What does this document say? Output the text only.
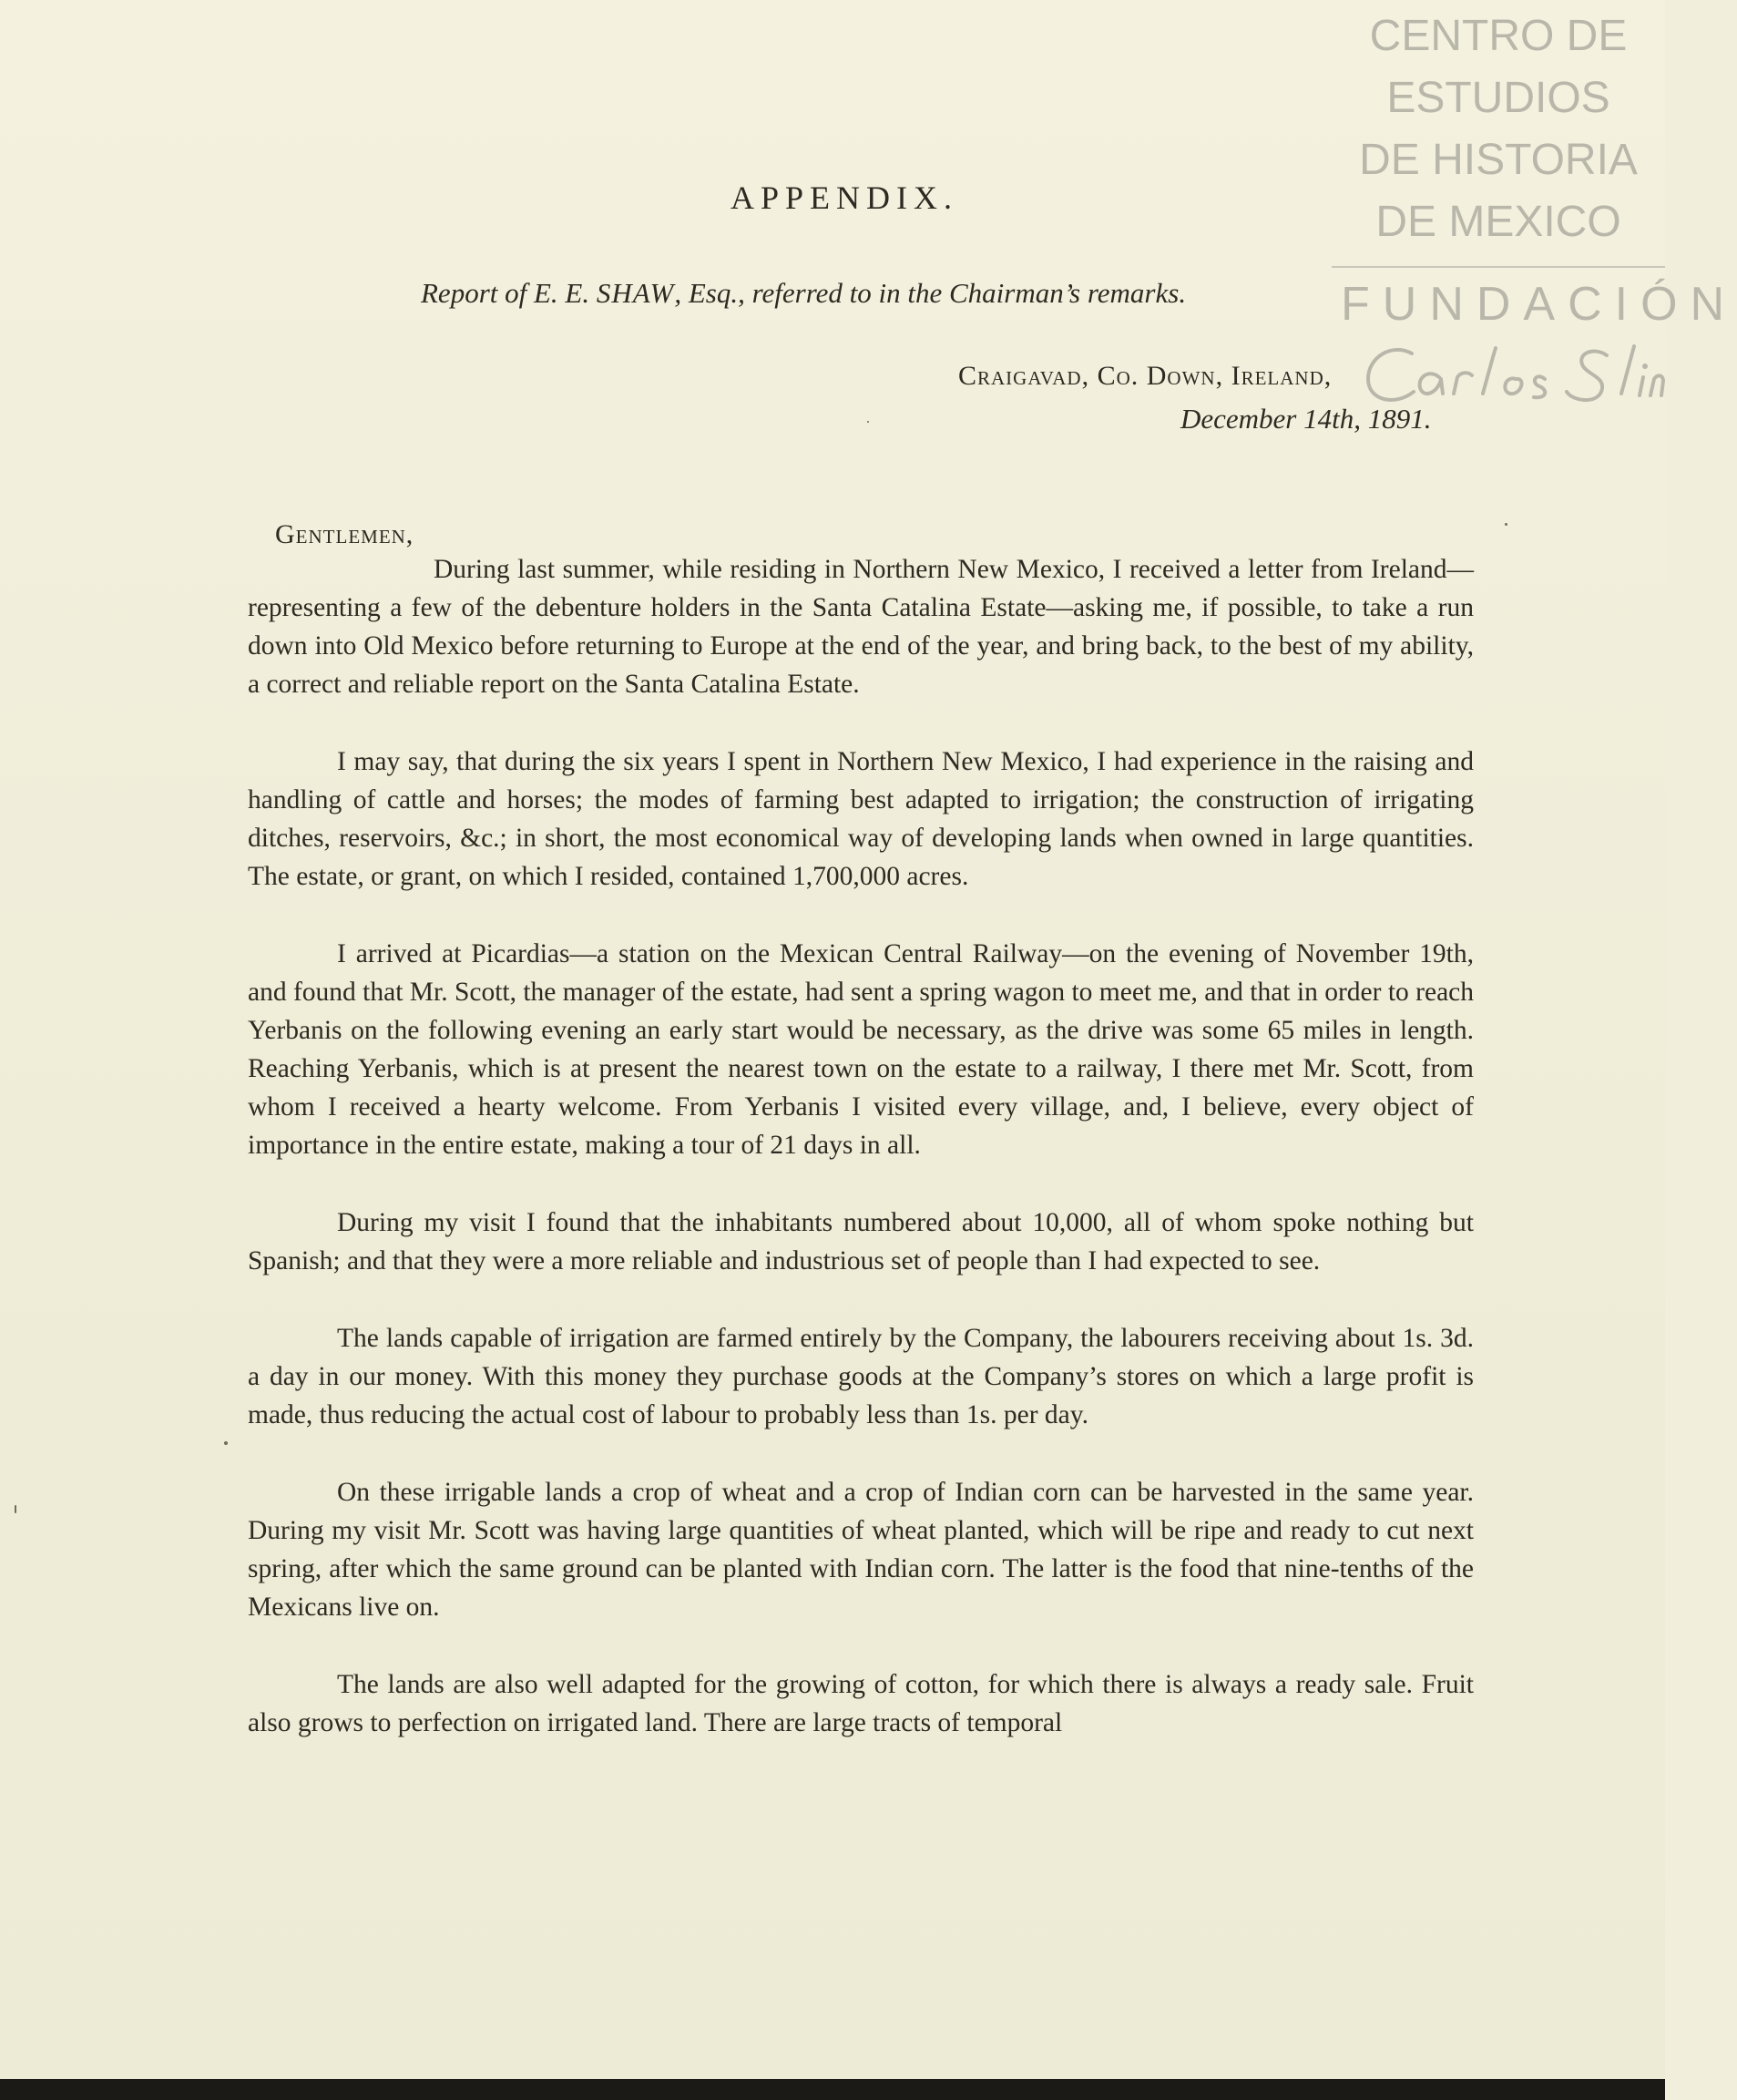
CENTRO DE
ESTUDIOS
DE HISTORIA
DE MEXICO
FUNDACIÓN
APPENDIX.
Report of E. E. SHAW, Esq., referred to in the Chairman’s remarks.
Craigavad, Co. Down, Ireland,
December 14th, 1891.
Gentlemen,

During last summer, while residing in Northern New Mexico, I received a letter from Ireland—representing a few of the debenture holders in the Santa Catalina Estate—asking me, if possible, to take a run down into Old Mexico before returning to Europe at the end of the year, and bring back, to the best of my ability, a correct and reliable report on the Santa Catalina Estate.

I may say, that during the six years I spent in Northern New Mexico, I had experience in the raising and handling of cattle and horses; the modes of farming best adapted to irrigation; the construction of irrigating ditches, reservoirs, &c.; in short, the most economical way of developing lands when owned in large quantities. The estate, or grant, on which I resided, contained 1,700,000 acres.

I arrived at Picardias—a station on the Mexican Central Railway—on the evening of November 19th, and found that Mr. Scott, the manager of the estate, had sent a spring wagon to meet me, and that in order to reach Yerbanis on the following evening an early start would be necessary, as the drive was some 65 miles in length. Reaching Yerbanis, which is at present the nearest town on the estate to a railway, I there met Mr. Scott, from whom I received a hearty welcome. From Yerbanis I visited every village, and, I believe, every object of importance in the entire estate, making a tour of 21 days in all.

During my visit I found that the inhabitants numbered about 10,000, all of whom spoke nothing but Spanish; and that they were a more reliable and industrious set of people than I had expected to see.

The lands capable of irrigation are farmed entirely by the Company, the labourers receiving about 1s. 3d. a day in our money. With this money they purchase goods at the Company’s stores on which a large profit is made, thus reducing the actual cost of labour to probably less than 1s. per day.

On these irrigable lands a crop of wheat and a crop of Indian corn can be harvested in the same year. During my visit Mr. Scott was having large quantities of wheat planted, which will be ripe and ready to cut next spring, after which the same ground can be planted with Indian corn. The latter is the food that nine-tenths of the Mexicans live on.

The lands are also well adapted for the growing of cotton, for which there is always a ready sale. Fruit also grows to perfection on irrigated land. There are large tracts of temporal
